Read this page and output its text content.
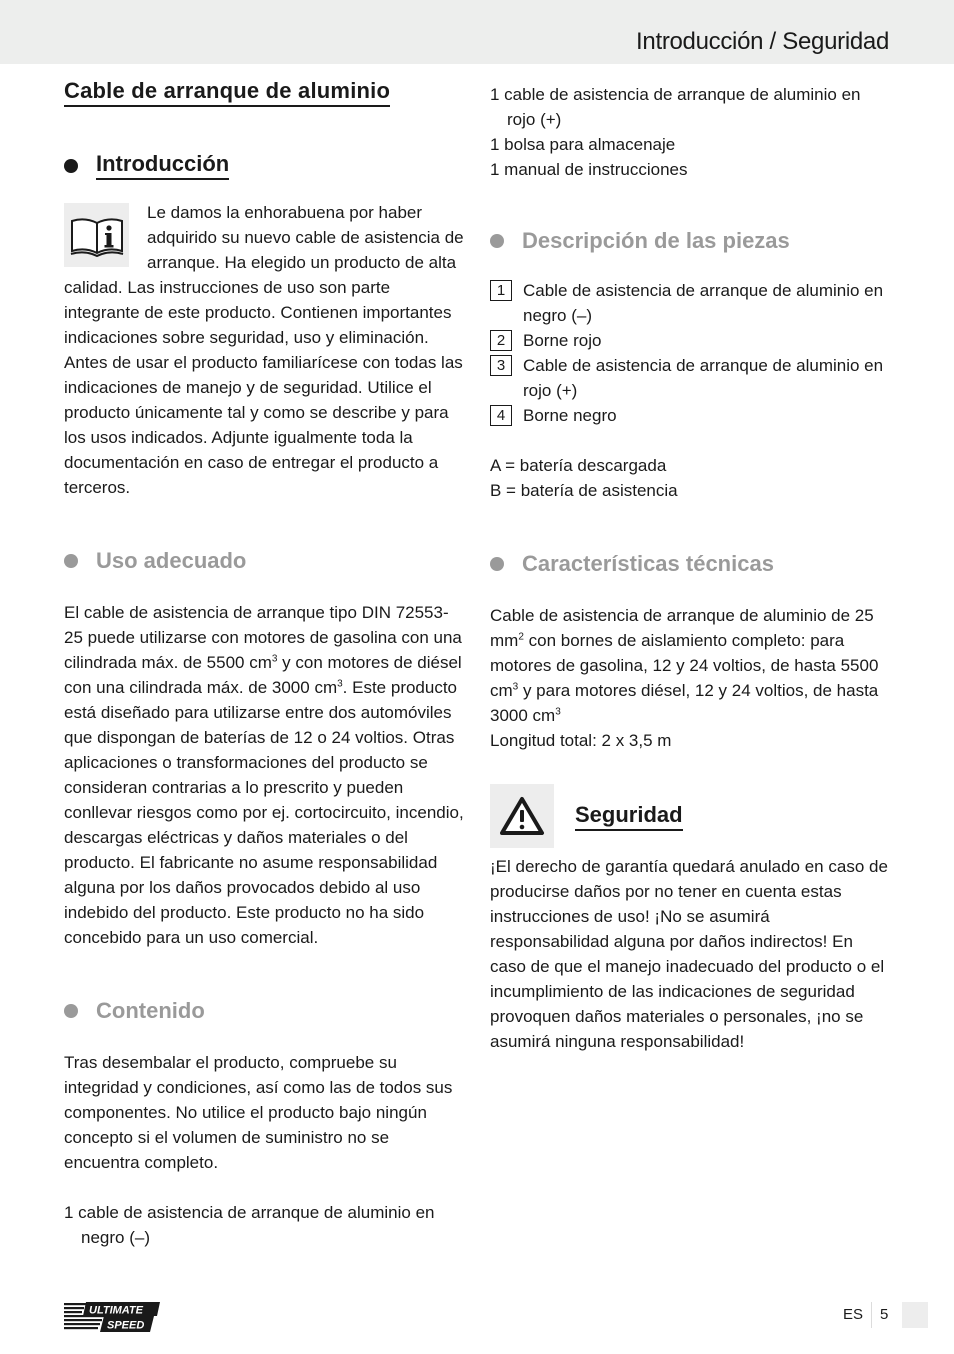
Introducción / Seguridad
Cable de arranque de aluminio
Introducción

Le damos la enhorabuena por haber adquirido su nuevo cable de asistencia de arranque. Ha elegido un producto de alta calidad. Las instrucciones de uso son parte integrante de este producto. Contienen importantes indicaciones sobre seguridad, uso y eliminación. Antes de usar el producto familiarícese con todas las indicaciones de manejo y de seguridad. Utilice el producto únicamente tal y como se describe y para los usos indicados. Adjunte igualmente toda la documentación en caso de entregar el producto a terceros.

Uso adecuado

El cable de asistencia de arranque tipo DIN 72553-25 puede utilizarse con motores de gasolina con una cilindrada máx. de 5500 $cm^3$ y con motores de diésel con una cilindrada máx. de 3000 $cm^3$. Este producto está diseñado para utilizarse entre dos automóviles que dispongan de baterías de 12 o 24 voltios. Otras aplicaciones o transformaciones del producto se consideran contrarias a lo prescrito y pueden conllevar riesgos como por ej. cortocircuito, incendio, descargas eléctricas y daños materiales o del producto. El fabricante no asume responsabilidad alguna por los daños provocados debido al uso indebido del producto. Este producto no ha sido concebido para un uso comercial.

Contenido

Tras desembalar el producto, compruebe su integridad y condiciones, así como las de todos sus componentes. No utilice el producto bajo ningún concepto si el volumen de suministro no se encuentra completo.

1 cable de asistencia de arranque de aluminio en negro (–)
1 cable de asistencia de arranque de aluminio en rojo (+)
1 bolsa para almacenaje
1 manual de instrucciones
Descripción de las piezas
1	Cable de asistencia de arranque de aluminio en negro (–)
2	Borne rojo
3	Cable de asistencia de arranque de aluminio en rojo (+)
4	Borne negro

A = batería descargada

B = batería de asistencia

Características técnicas

Cable de asistencia de arranque de aluminio de 25 $mm^2$ con bornes de aislamiento completo: para motores de gasolina, 12 y 24 voltios, de hasta 5500 $cm^3$ y para motores diésel, 12 y 24 voltios, de hasta 3000 $cm^3$

Longitud total: 2 x 3,5 m

Seguridad

¡El derecho de garantía quedará anulado en caso de producirse daños por no tener en cuenta estas instrucciones de uso! ¡No se asumirá responsabilidad alguna por daños indirectos! En caso de que el manejo inadecuado del producto o el incumplimiento de las indicaciones de seguridad provoquen daños materiales o personales, ¡no se asumirá ninguna responsabilidad!

ULTIMATE
SPEED
ES 5
